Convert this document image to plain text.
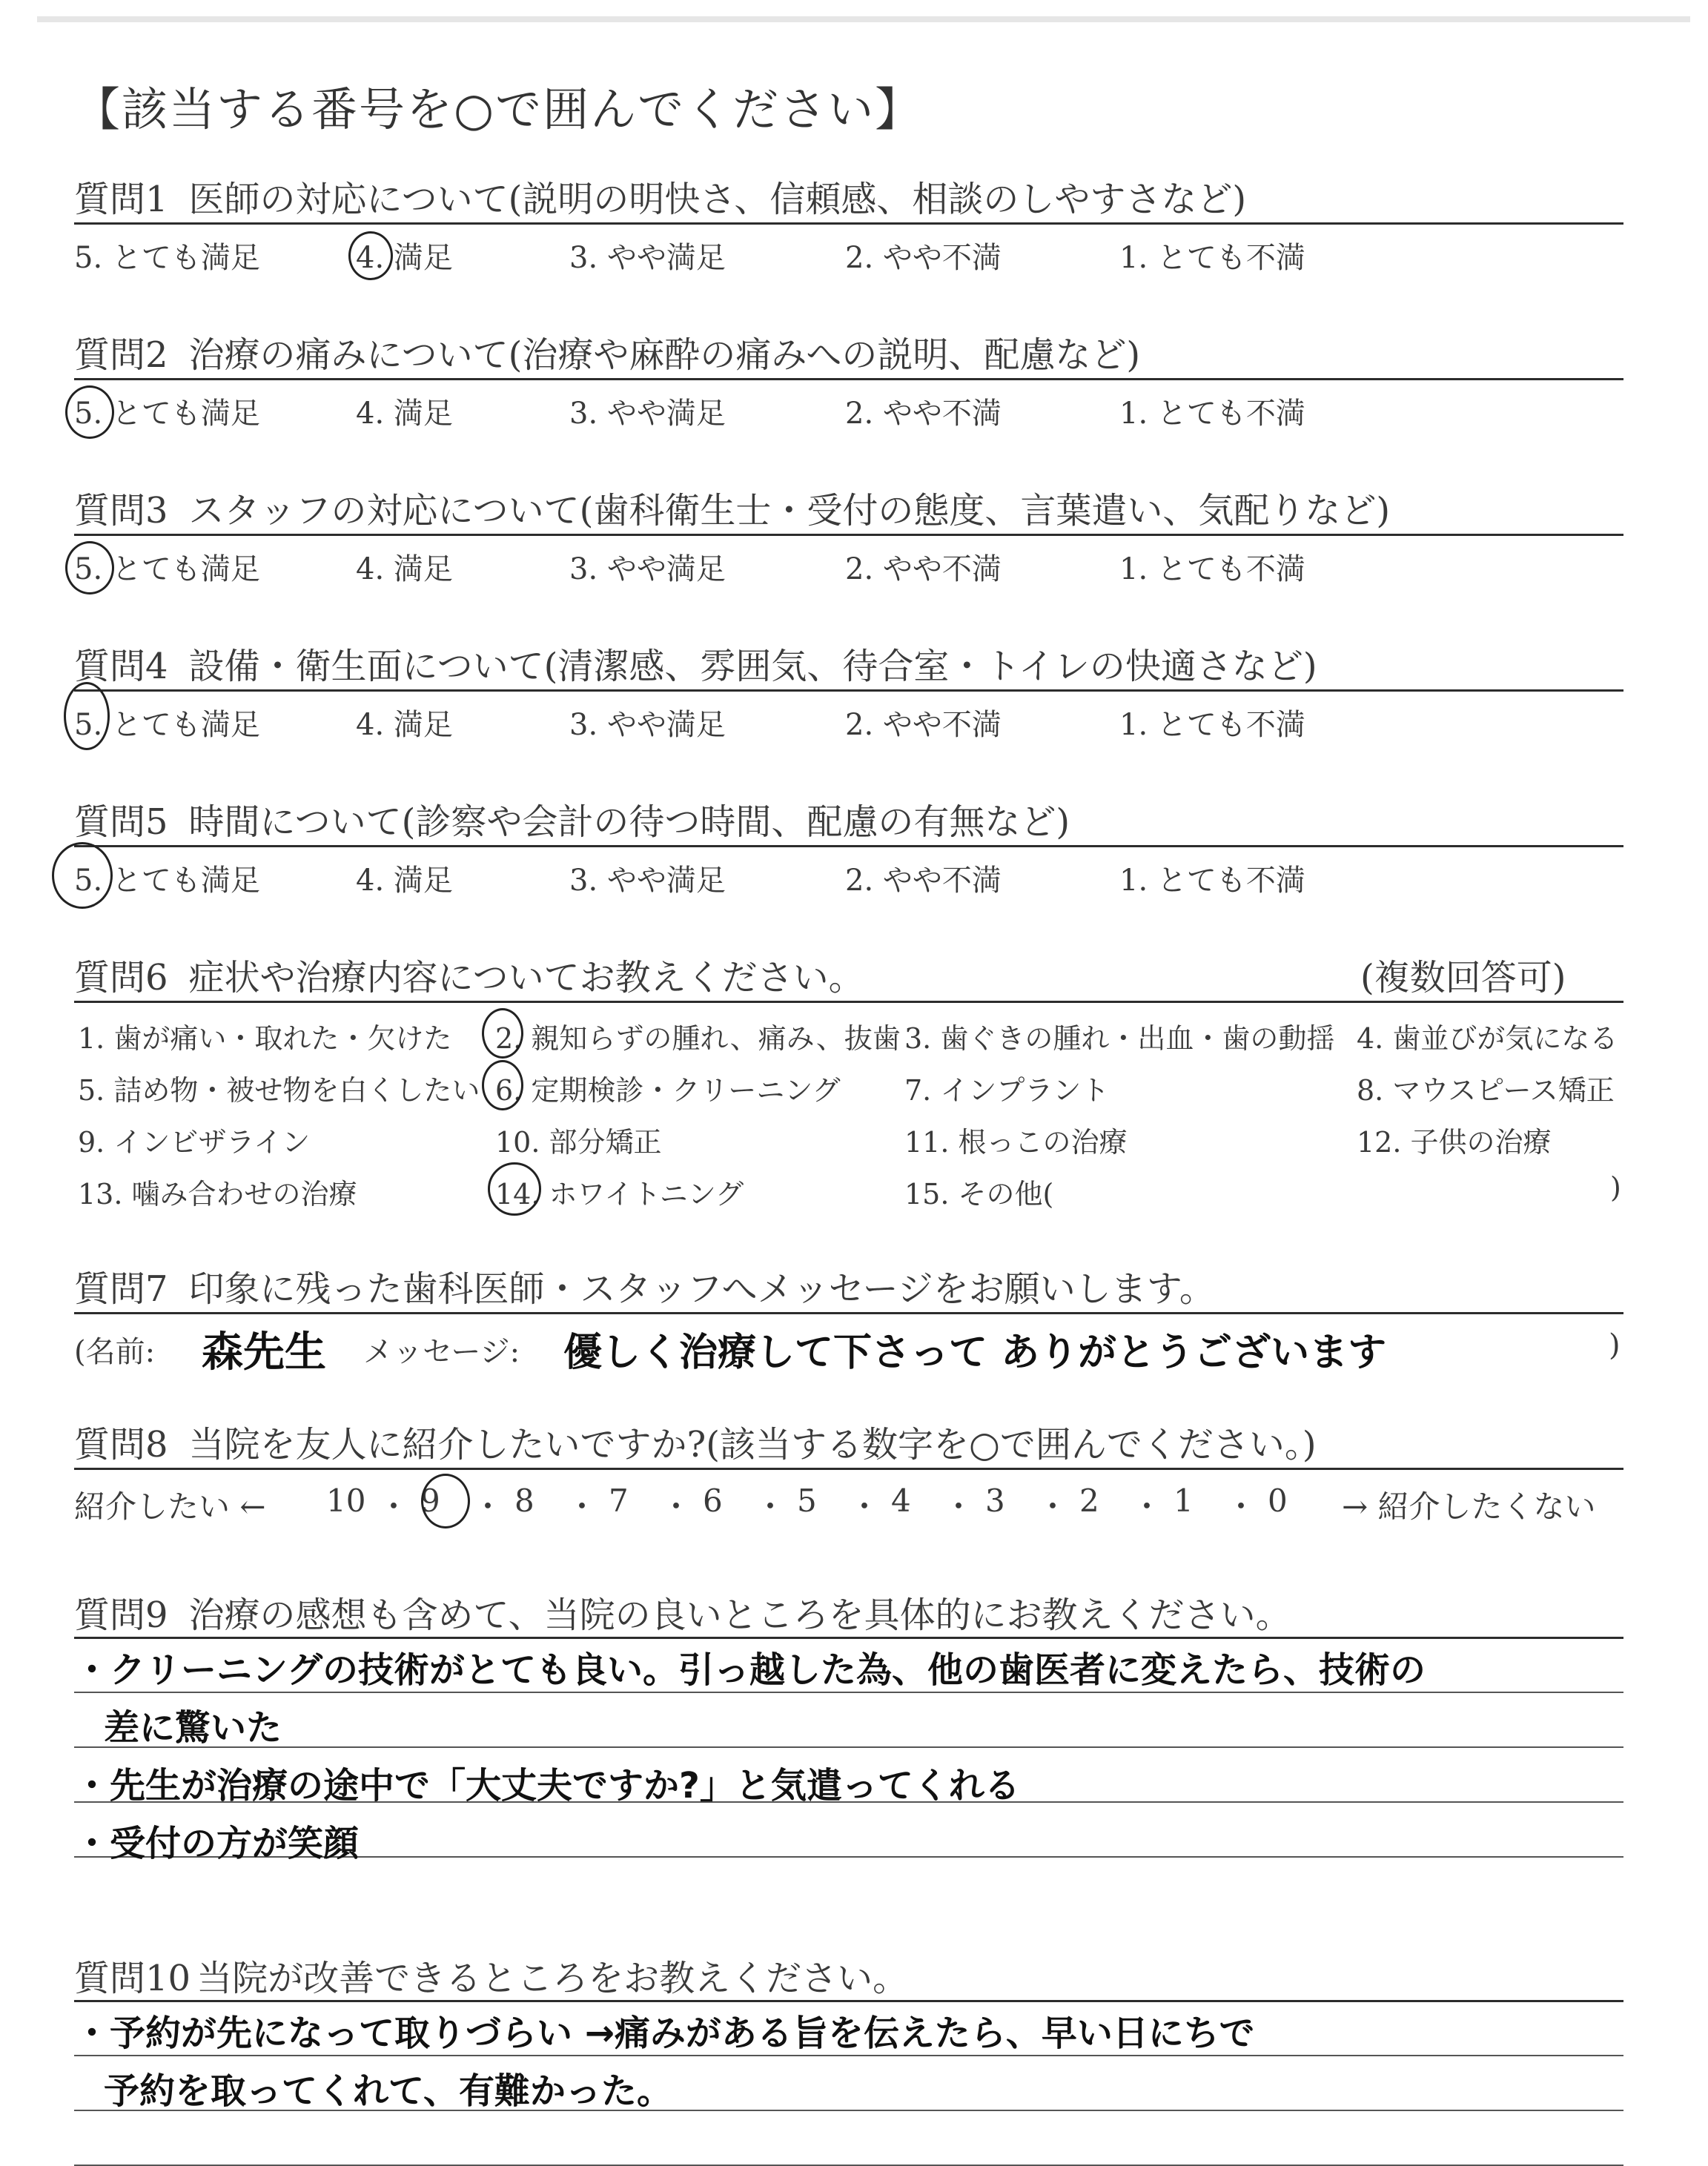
【該当する番号を○で囲んでください】
質問1 医師の対応について(説明の明快さ、信頼感、相談のしやすさなど)
5. とても満足	4. 満足	3. やや満足	2. やや不満	1. とても不満
質問2 治療の痛みについて(治療や麻酔の痛みへの説明、配慮など)
5. とても満足	4. 満足	3. やや満足	2. やや不満	1. とても不満
質問3 スタッフの対応について(歯科衛生士・受付の態度、言葉遣い、気配りなど)
5. とても満足	4. 満足	3. やや満足	2. やや不満	1. とても不満
質問4 設備・衛生面について(清潔感、雰囲気、待合室・トイレの快適さなど)
5. とても満足	4. 満足	3. やや満足	2. やや不満	1. とても不満
質問5 時間について(診察や会計の待つ時間、配慮の有無など)
5. とても満足	4. 満足	3. やや満足	2. やや不満	1. とても不満
質問6 症状や治療内容についてお教えください。	(複数回答可)
1. 歯が痛い・取れた・欠けた 2. 親知らずの腫れ、痛み、抜歯 3. 歯ぐきの腫れ・出血・歯の動揺 4. 歯並びが気になる
5. 詰め物・被せ物を白くしたい 6. 定期検診・クリーニング 7. インプラント	8. マウスピース矯正
9. インビザライン	10. 部分矯正	11. 根っこの治療	12. 子供の治療
13. 噛み合わせの治療	14. ホワイトニング	15. その他(	)
質問7 印象に残った歯科医師・スタッフへメッセージをお願いします。
(名前: 森先生 メッセージ: 優しく治療して下さって ありがとうございます	)
質問8 当院を友人に紹介したいですか?(該当する数字を○で囲んでください。)
紹介したい ← 10 ・ 9 ・ 8 ・ 7 ・ 6 ・ 5 ・ 4 ・ 3 ・ 2 ・ 1 ・ 0 → 紹介したくない
質問9 治療の感想も含めて、当院の良いところを具体的にお教えください。
・クリーニングの技術がとても良い。引っ越した為、他の歯医者に変えたら、技術の
差に驚いた
・先生が治療の途中で「大丈夫ですか?」と気遣ってくれる
・受付の方が笑顔
質問10 当院が改善できるところをお教えください。
・予約が先になって取りづらい →痛みがある旨を伝えたら、早い日にちで
予約を取ってくれて、有難かった。
